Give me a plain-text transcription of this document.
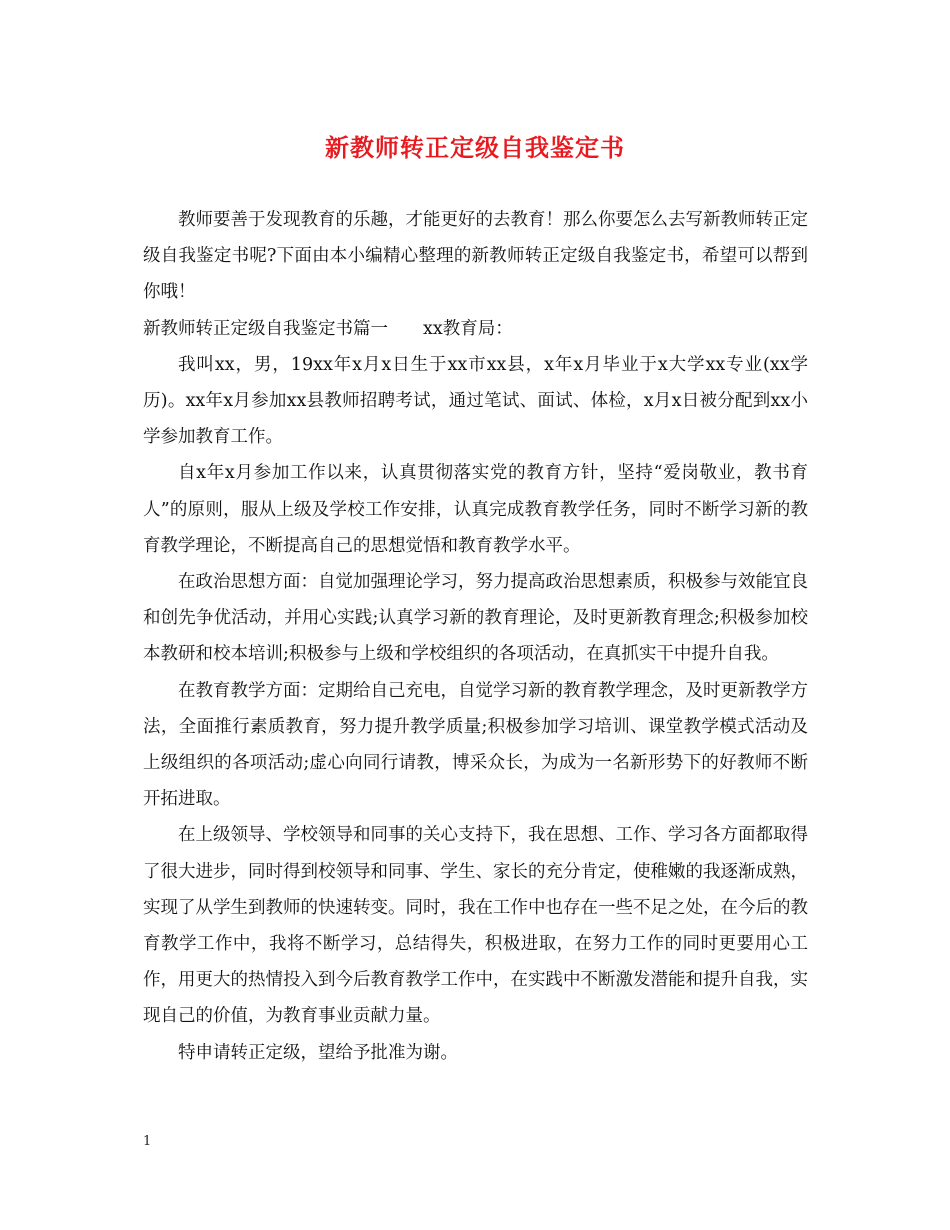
新教师转正定级自我鉴定书

教师要善于发现教育的乐趣，才能更好的去教育！那么你要怎么去写新教师转正定级自我鉴定书呢?下面由本小编精心整理的新教师转正定级自我鉴定书，希望可以帮到你哦！

新教师转正定级自我鉴定书篇一　　xx教育局：

我叫xx，男，19xx年x月x日生于xx市xx县，x年x月毕业于x大学xx专业(xx学历)。xx年x月参加xx县教师招聘考试，通过笔试、面试、体检，x月x日被分配到xx小学参加教育工作。

自x年x月参加工作以来，认真贯彻落实党的教育方针，坚持“爱岗敬业，教书育人”的原则，服从上级及学校工作安排，认真完成教育教学任务，同时不断学习新的教育教学理论，不断提高自己的思想觉悟和教育教学水平。

在政治思想方面：自觉加强理论学习，努力提高政治思想素质，积极参与效能宜良和创先争优活动，并用心实践;认真学习新的教育理论，及时更新教育理念;积极参加校本教研和校本培训;积极参与上级和学校组织的各项活动，在真抓实干中提升自我。

在教育教学方面：定期给自己充电，自觉学习新的教育教学理念，及时更新教学方法，全面推行素质教育，努力提升教学质量;积极参加学习培训、课堂教学模式活动及上级组织的各项活动;虚心向同行请教，博采众长，为成为一名新形势下的好教师不断开拓进取。

在上级领导、学校领导和同事的关心支持下，我在思想、工作、学习各方面都取得了很大进步，同时得到校领导和同事、学生、家长的充分肯定，使稚嫩的我逐渐成熟，实现了从学生到教师的快速转变。同时，我在工作中也存在一些不足之处，在今后的教育教学工作中，我将不断学习，总结得失，积极进取，在努力工作的同时更要用心工作，用更大的热情投入到今后教育教学工作中，在实践中不断激发潜能和提升自我，实现自己的价值，为教育事业贡献力量。

特申请转正定级，望给予批准为谢。

1
